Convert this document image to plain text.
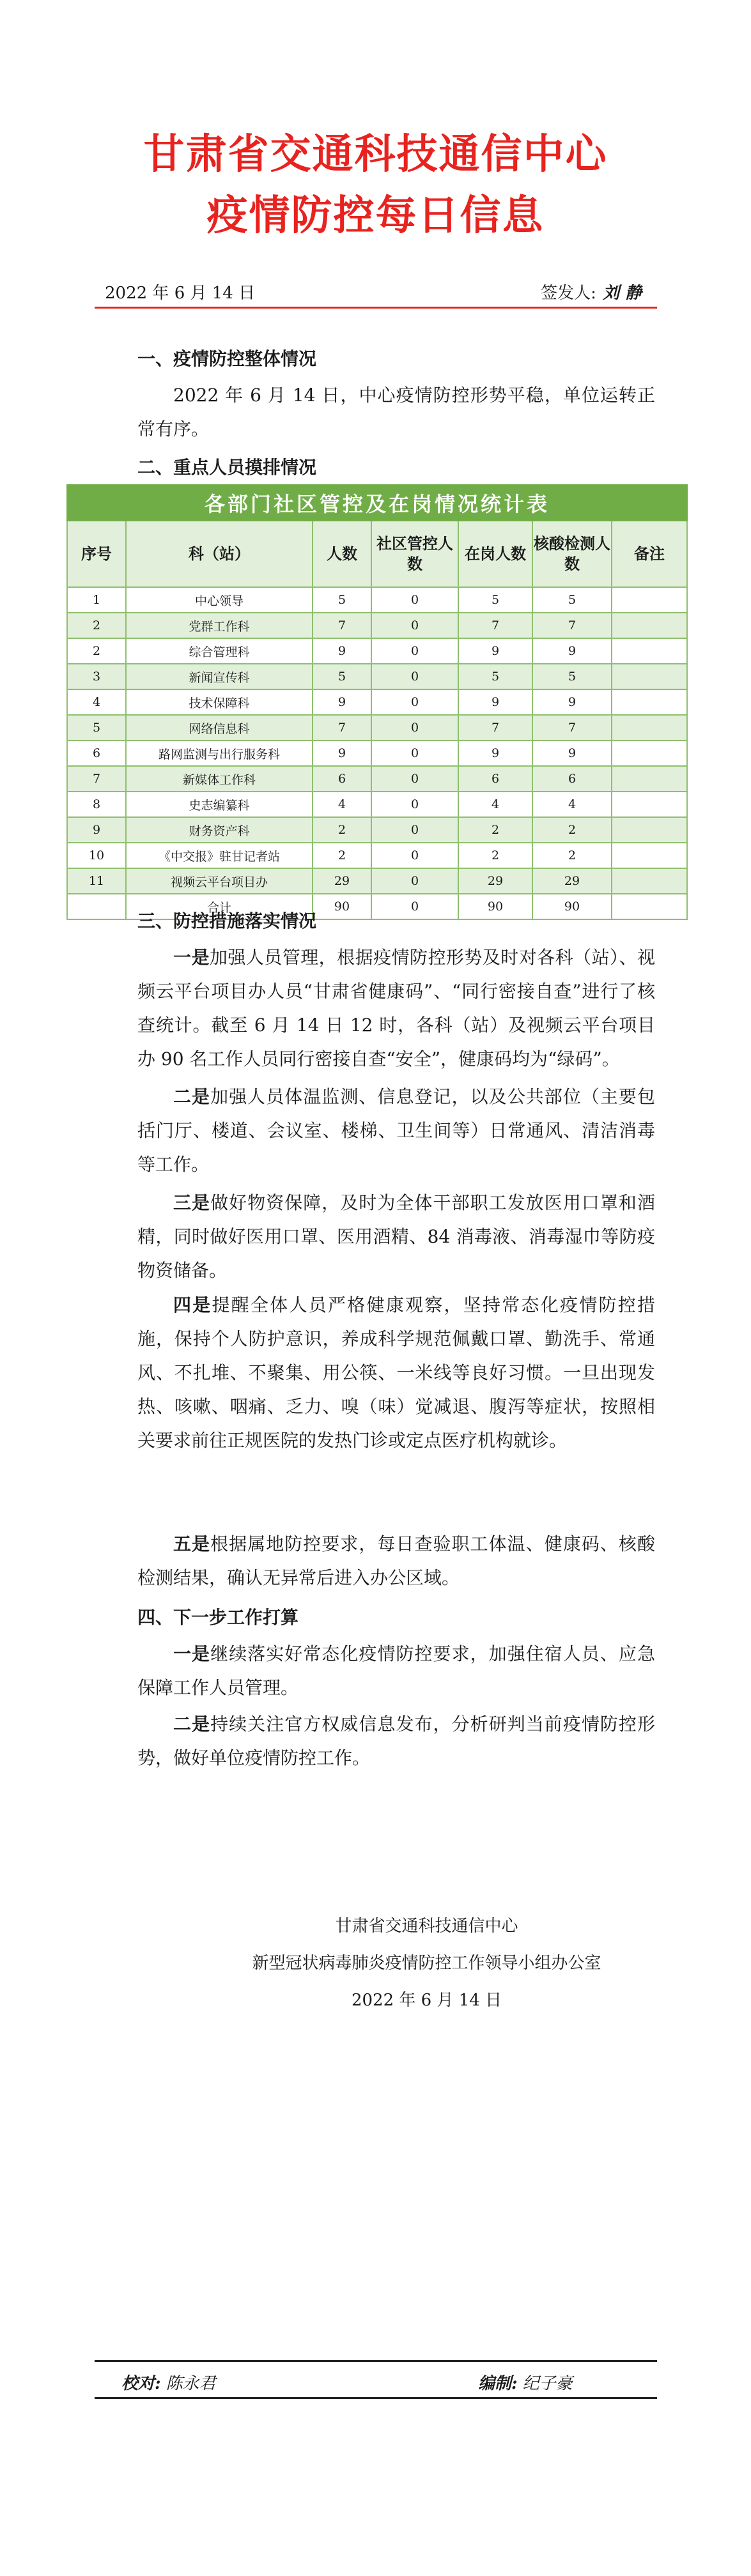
甘肃省交通科技通信中心
疫情防控每日信息
2022 年 6 月 14 日	签发人: 刘 静
一、疫情防控整体情况
2022 年 6 月 14 日，中心疫情防控形势平稳，单位运转正常有序。
二、重点人员摸排情况
各部门社区管控及在岗情况统计表						
序号	科（站）	人数	社区管控人数	在岗人数	核酸检测人数	备注
1	中心领导	5	0	5	5	
2	党群工作科	7	0	7	7	
2	综合管理科	9	0	9	9	
3	新闻宣传科	5	0	5	5	
4	技术保障科	9	0	9	9	
5	网络信息科	7	0	7	7	
6	路网监测与出行服务科	9	0	9	9	
7	新媒体工作科	6	0	6	6	
8	史志编纂科	4	0	4	4	
9	财务资产科	2	0	2	2	
10	《中交报》驻甘记者站	2	0	2	2	
11	视频云平台项目办	29	0	29	29	
	合计	90	0	90	90	
三、防控措施落实情况
一是加强人员管理，根据疫情防控形势及时对各科（站）、视频云平台项目办人员“甘肃省健康码”、“同行密接自查”进行了核查统计。截至 6 月 14 日 12 时，各科（站）及视频云平台项目办 90 名工作人员同行密接自查“安全”，健康码均为“绿码”。
二是加强人员体温监测、信息登记，以及公共部位（主要包括门厅、楼道、会议室、楼梯、卫生间等）日常通风、清洁消毒等工作。
三是做好物资保障，及时为全体干部职工发放医用口罩和酒精，同时做好医用口罩、医用酒精、84 消毒液、消毒湿巾等防疫物资储备。
四是提醒全体人员严格健康观察，坚持常态化疫情防控措施，保持个人防护意识，养成科学规范佩戴口罩、勤洗手、常通风、不扎堆、不聚集、用公筷、一米线等良好习惯。一旦出现发热、咳嗽、咽痛、乏力、嗅（味）觉减退、腹泻等症状，按照相关要求前往正规医院的发热门诊或定点医疗机构就诊。
五是根据属地防控要求，每日查验职工体温、健康码、核酸检测结果，确认无异常后进入办公区域。
四、下一步工作打算
一是继续落实好常态化疫情防控要求，加强住宿人员、应急保障工作人员管理。
二是持续关注官方权威信息发布，分析研判当前疫情防控形势，做好单位疫情防控工作。
甘肃省交通科技通信中心
新型冠状病毒肺炎疫情防控工作领导小组办公室
2022 年 6 月 14 日
校对: 陈永君	编制: 纪子豪
